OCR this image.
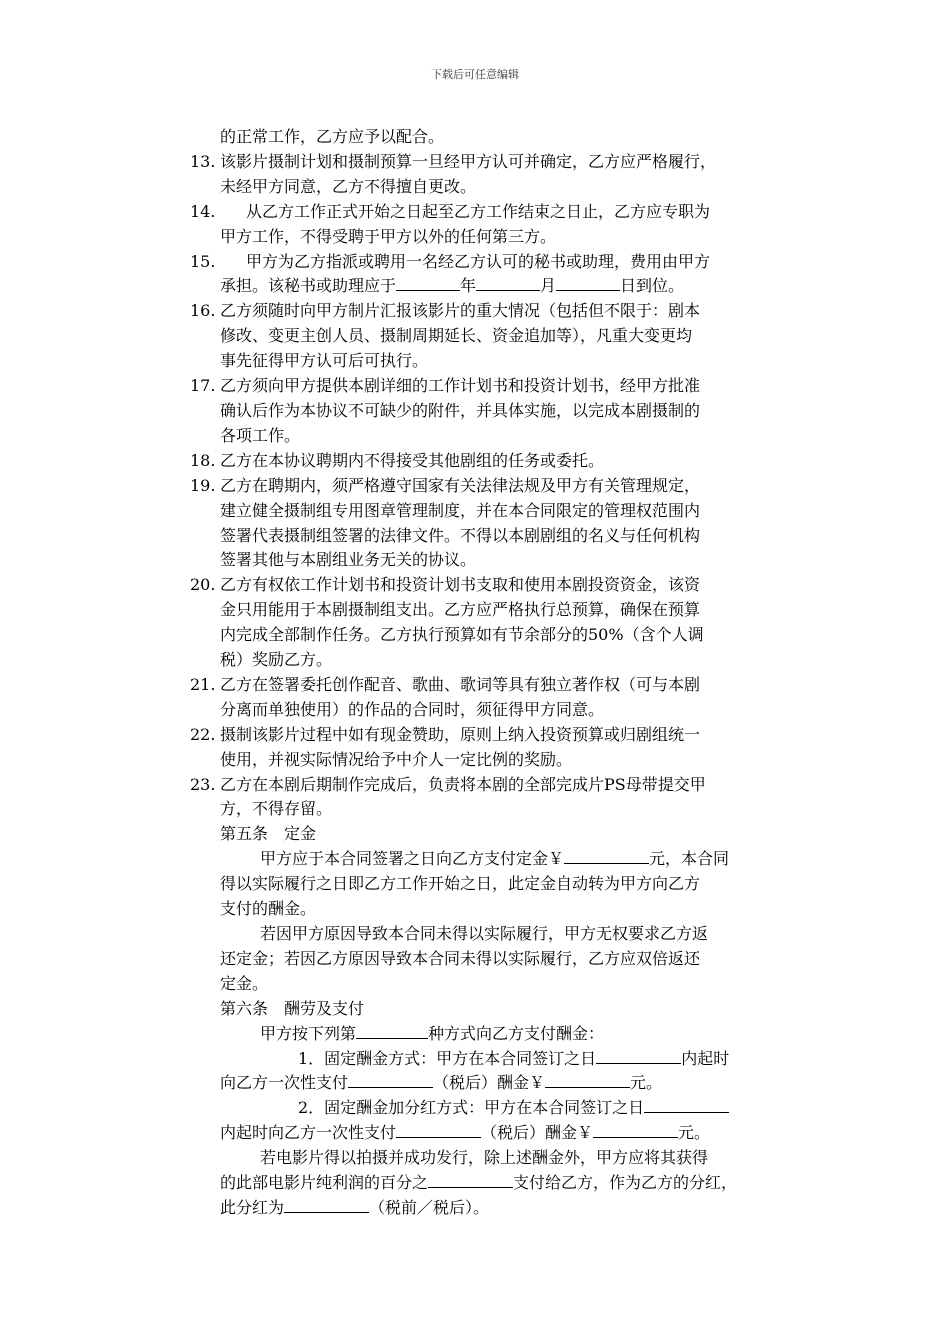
下载后可任意编辑
的正常工作，乙方应予以配合。
13. 该影片摄制计划和摄制预算一旦经甲方认可并确定，乙方应严格履行，
未经甲方同意，乙方不得擅自更改。
14. 从乙方工作正式开始之日起至乙方工作结束之日止，乙方应专职为
甲方工作，不得受聘于甲方以外的任何第三方。
15. 甲方为乙方指派或聘用一名经乙方认可的秘书或助理，费用由甲方
承担。该秘书或助理应于	年	月	日到位。
16. 乙方须随时向甲方制片汇报该影片的重大情况（包括但不限于：剧本
修改、变更主创人员、摄制周期延长、资金追加等），凡重大变更均
事先征得甲方认可后可执行。
17. 乙方须向甲方提供本剧详细的工作计划书和投资计划书，经甲方批准
确认后作为本协议不可缺少的附件，并具体实施，以完成本剧摄制的
各项工作。
18. 乙方在本协议聘期内不得接受其他剧组的任务或委托。
19. 乙方在聘期内，须严格遵守国家有关法律法规及甲方有关管理规定，
建立健全摄制组专用图章管理制度，并在本合同限定的管理权范围内
签署代表摄制组签署的法律文件。不得以本剧剧组的名义与任何机构
签署其他与本剧组业务无关的协议。
20. 乙方有权依工作计划书和投资计划书支取和使用本剧投资资金，该资
金只用能用于本剧摄制组支出。乙方应严格执行总预算，确保在预算
内完成全部制作任务。乙方执行预算如有节余部分的50%（含个人调
税）奖励乙方。
21. 乙方在签署委托创作配音、歌曲、歌词等具有独立著作权（可与本剧
分离而单独使用）的作品的合同时，须征得甲方同意。
22. 摄制该影片过程中如有现金赞助，原则上纳入投资预算或归剧组统一
使用，并视实际情况给予中介人一定比例的奖励。
23. 乙方在本剧后期制作完成后，负责将本剧的全部完成片PS母带提交甲
方，不得存留。
第五条　定金
甲方应于本合同签署之日向乙方支付定金￥	元，本合同
得以实际履行之日即乙方工作开始之日，此定金自动转为甲方向乙方
支付的酬金。
若因甲方原因导致本合同未得以实际履行，甲方无权要求乙方返
还定金；若因乙方原因导致本合同未得以实际履行，乙方应双倍返还
定金。
第六条　酬劳及支付
甲方按下列第	种方式向乙方支付酬金：
1．固定酬金方式：甲方在本合同签订之日	内起时
向乙方一次性支付	（税后）酬金￥	元。
2．固定酬金加分红方式：甲方在本合同签订之日
内起时向乙方一次性支付	（税后）酬金￥	元。
若电影片得以拍摄并成功发行，除上述酬金外，甲方应将其获得
的此部电影片纯利润的百分之	支付给乙方，作为乙方的分红，
此分红为	（税前／税后）。
